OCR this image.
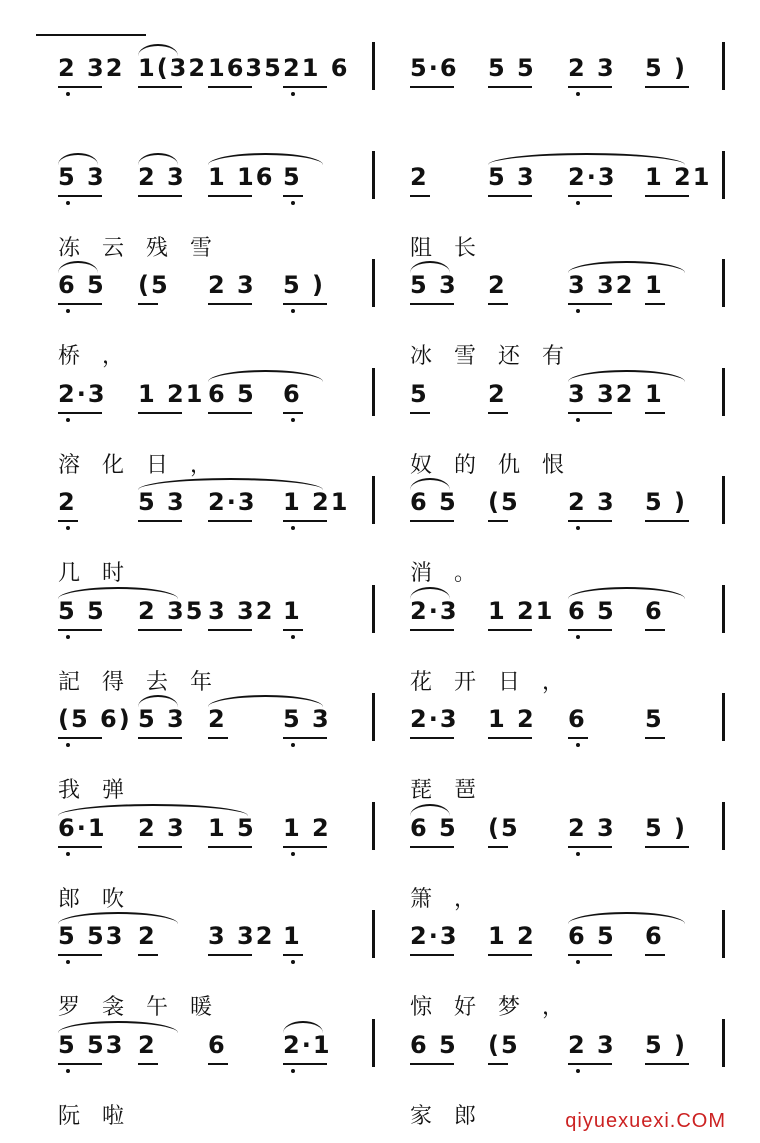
2 32 1(32 1635 21 6	5·6 5 5 2 3 5 )
5 3 2 3 1 16 5	2 5 3 2·3 1 21
冻云残雪	阻长
6 5 (5 2 3 5 )	5 3 2	3 32 1
桥，	冰雪还有
2·3 1 21 6 5 6	5 2	3 32 1
溶化日，	奴的仇恨
2	5 3 2·3 1 21	6 5 (5 2 3 5 )
几时	消。
5 5 2 35 3 32 1	2·3 1 21 6 5 6
記得去年	花开日，
(5 6) 5 3 2 5 3	2·3 1 2 6 5
我弹	琵琶
6·1 2 3 1 5 1 2	6 5 (5 2 3 5 )
郎吹	箫，
5 53 2 3 32 1	2·3 1 2 6 5 6
罗衾午暖	惊好梦，
5 53 2 6 2·1	6 5 (5 2 3 5 )
阮啦	家郎	qiyuexuexi.COM
